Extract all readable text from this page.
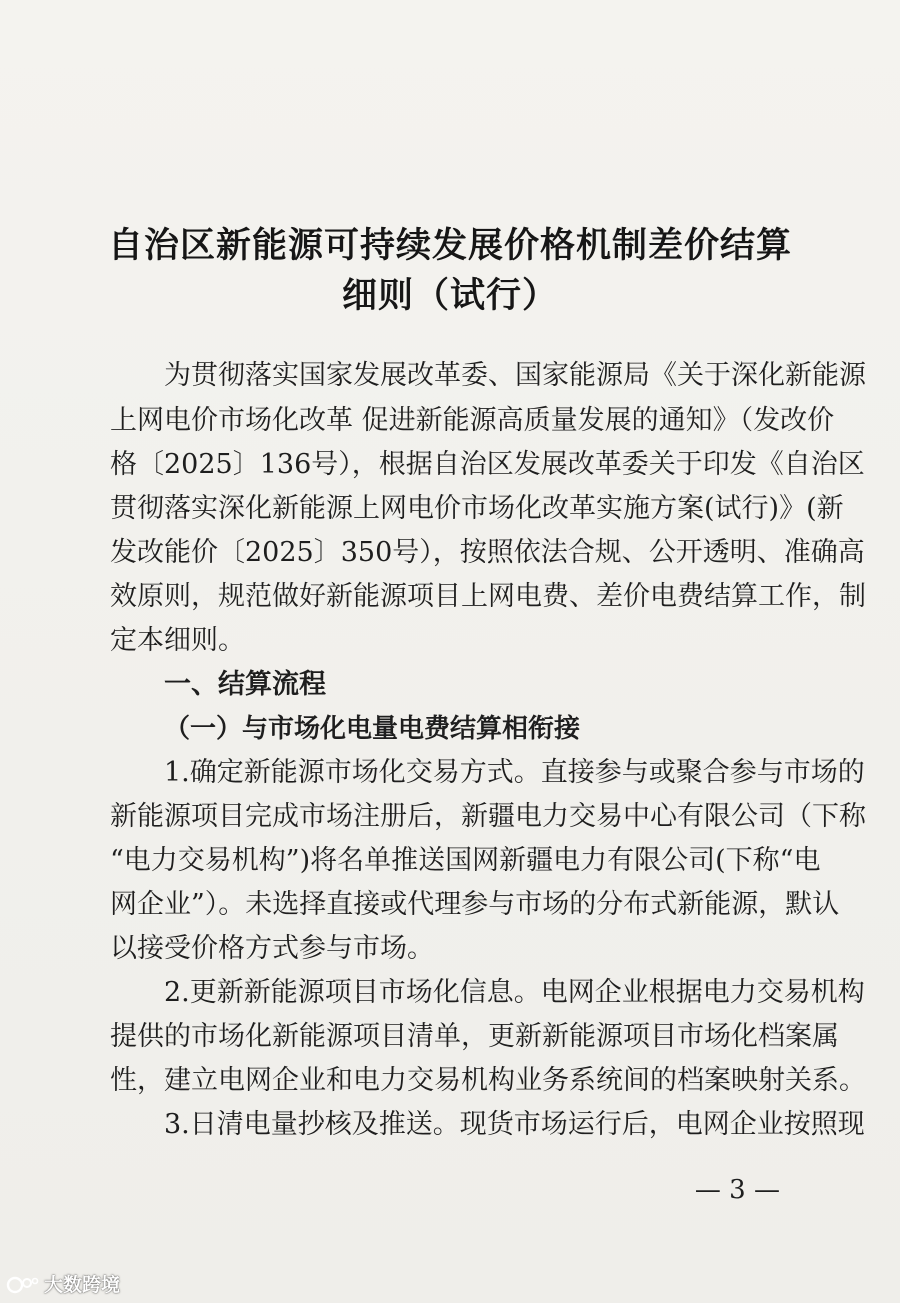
自治区新能源可持续发展价格机制差价结算
细则（试行）

为贯彻落实国家发展改革委、国家能源局《关于深化新能源

上网电价市场化改革 促进新能源高质量发展的通知》（发改价

格〔2025〕136号），根据自治区发展改革委关于印发《自治区

贯彻落实深化新能源上网电价市场化改革实施方案(试行)》(新

发改能价〔2025〕350号），按照依法合规、公开透明、准确高

效原则，规范做好新能源项目上网电费、差价电费结算工作，制

定本细则。

一、结算流程

（一）与市场化电量电费结算相衔接

1.确定新能源市场化交易方式。直接参与或聚合参与市场的

新能源项目完成市场注册后，新疆电力交易中心有限公司（下称

“电力交易机构”)将名单推送国网新疆电力有限公司(下称“电

网企业”）。未选择直接或代理参与市场的分布式新能源，默认

以接受价格方式参与市场。

2.更新新能源项目市场化信息。电网企业根据电力交易机构

提供的市场化新能源项目清单，更新新能源项目市场化档案属

性，建立电网企业和电力交易机构业务系统间的档案映射关系。

3.日清电量抄核及推送。现货市场运行后，电网企业按照现

— 3 —
大数跨境
